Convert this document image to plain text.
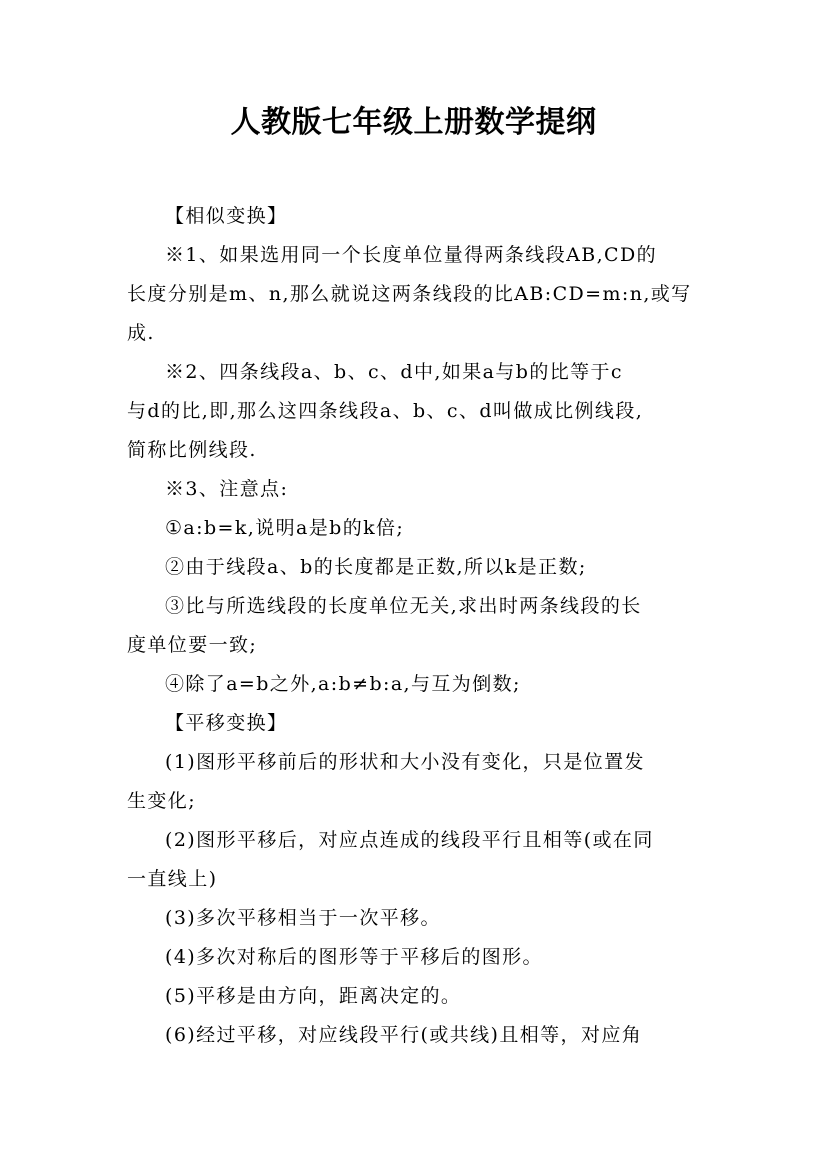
人教版七年级上册数学提纲
【相似变换】
※1、如果选用同一个长度单位量得两条线段AB,CD的
长度分别是m、n,那么就说这两条线段的比AB:CD=m:n,或写
成.
※2、四条线段a、b、c、d中,如果a与b的比等于c
与d的比,即,那么这四条线段a、b、c、d叫做成比例线段,
简称比例线段.
※3、注意点:
①a:b=k,说明a是b的k倍;
②由于线段a、b的长度都是正数,所以k是正数;
③比与所选线段的长度单位无关,求出时两条线段的长
度单位要一致;
④除了a=b之外,a:b≠b:a,与互为倒数;
【平移变换】
(1)图形平移前后的形状和大小没有变化，只是位置发
生变化;
(2)图形平移后，对应点连成的线段平行且相等(或在同
一直线上)
(3)多次平移相当于一次平移。
(4)多次对称后的图形等于平移后的图形。
(5)平移是由方向，距离决定的。
(6)经过平移，对应线段平行(或共线)且相等，对应角
